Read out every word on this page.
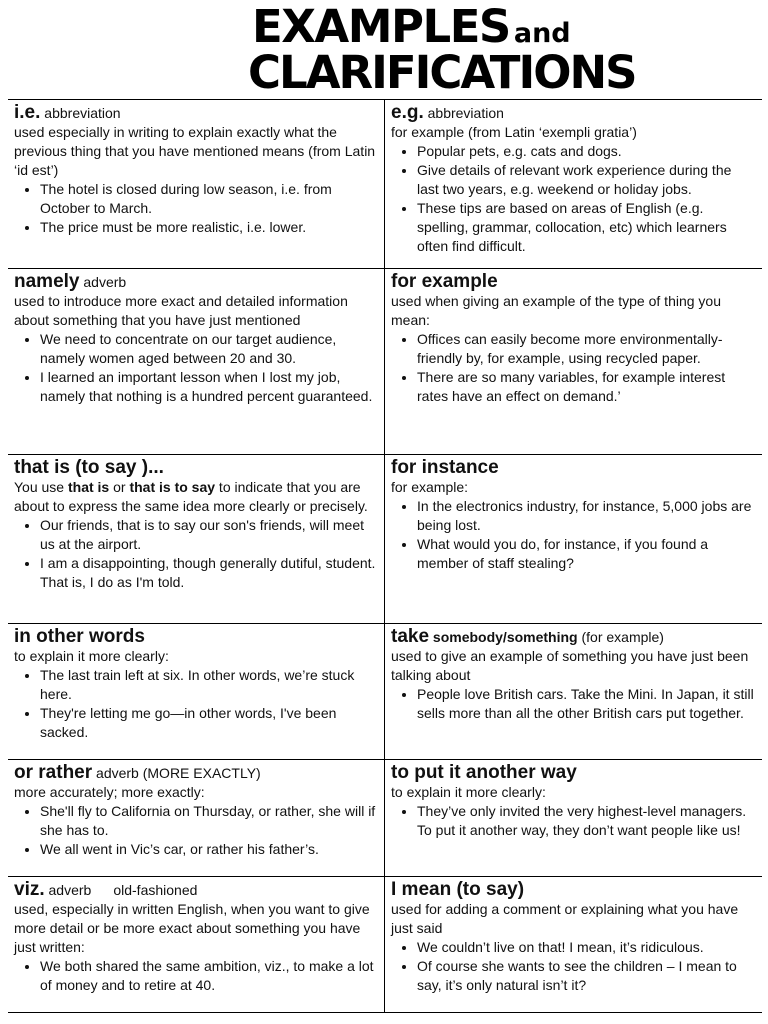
EXAMPLES and
CLARIFICATIONS
i.e. abbreviation
used especially in writing to explain exactly what the previous thing that you have mentioned means (from Latin ‘id est’)
• The hotel is closed during low season, i.e. from October to March.
• The price must be more realistic, i.e. lower.
e.g. abbreviation
for example (from Latin ‘exempli gratia’)
• Popular pets, e.g. cats and dogs.
• Give details of relevant work experience during the last two years, e.g. weekend or holiday jobs.
• These tips are based on areas of English (e.g. spelling, grammar, collocation, etc) which learners often find difficult.
namely adverb
used to introduce more exact and detailed information about something that you have just mentioned
• We need to concentrate on our target audience, namely women aged between 20 and 30.
• I learned an important lesson when I lost my job, namely that nothing is a hundred percent guaranteed.
for example
used when giving an example of the type of thing you mean:
• Offices can easily become more environmentally-friendly by, for example, using recycled paper.
• There are so many variables, for example interest rates have an effect on demand.’
that is (to say )...
You use that is or that is to say to indicate that you are about to express the same idea more clearly or precisely.
• Our friends, that is to say our son's friends, will meet us at the airport.
• I am a disappointing, though generally dutiful, student. That is, I do as I'm told.
for instance
for example:
• In the electronics industry, for instance, 5,000 jobs are being lost.
• What would you do, for instance, if you found a member of staff stealing?
in other words
to explain it more clearly:
• The last train left at six. In other words, we’re stuck here.
• They're letting me go—in other words, I've been sacked.
take somebody/something (for example)
used to give an example of something you have just been talking about
• People love British cars. Take the Mini. In Japan, it still sells more than all the other British cars put together.
or rather adverb (MORE EXACTLY)
more accurately; more exactly:
• She'll fly to California on Thursday, or rather, she will if she has to.
• We all went in Vic’s car, or rather his father’s.
to put it another way
to explain it more clearly:
• They’ve only invited the very highest-level managers. To put it another way, they don’t want people like us!
viz. adverb old-fashioned
used, especially in written English, when you want to give more detail or be more exact about something you have just written:
• We both shared the same ambition, viz., to make a lot of money and to retire at 40.
I mean (to say)
used for adding a comment or explaining what you have just said
• We couldn’t live on that! I mean, it’s ridiculous.
• Of course she wants to see the children – I mean to say, it’s only natural isn’t it?
